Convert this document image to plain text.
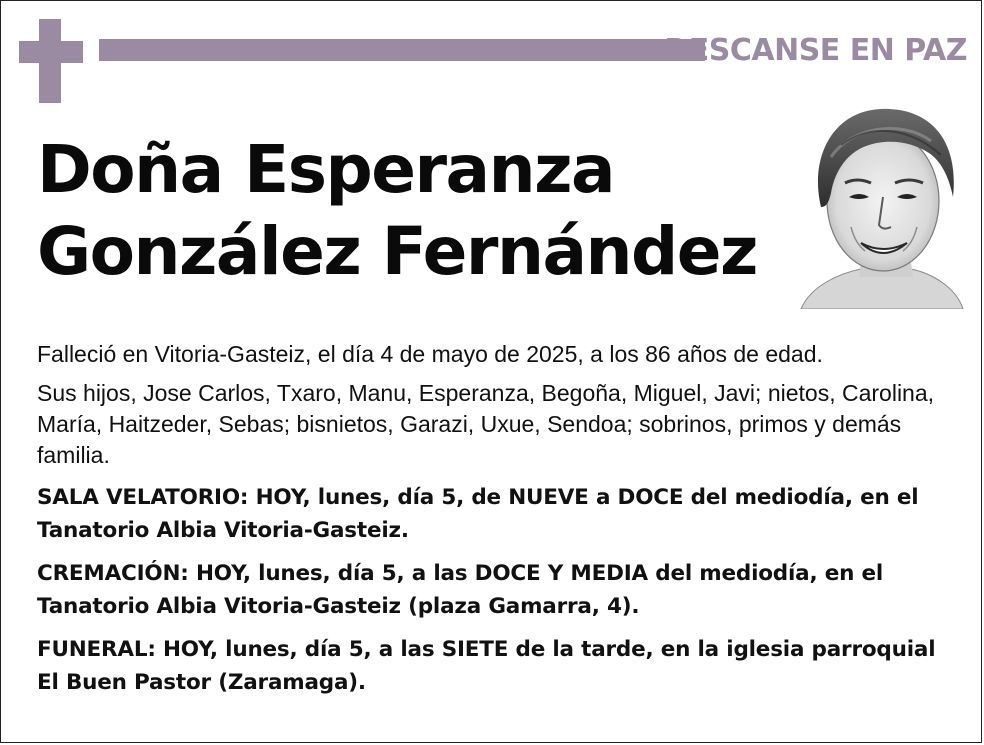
DESCANSE EN PAZ
Doña Esperanza
González Fernández

Falleció en Vitoria-Gasteiz, el día 4 de mayo de 2025, a los 86 años de edad.

Sus hijos, Jose Carlos, Txaro, Manu, Esperanza, Begoña, Miguel, Javi; nietos, Carolina, María, Haitzeder, Sebas; bisnietos, Garazi, Uxue, Sendoa; sobrinos, primos y demás familia.

SALA VELATORIO: HOY, lunes, día 5, de NUEVE a DOCE del mediodía, en el Tanatorio Albia Vitoria-Gasteiz.

CREMACIÓN: HOY, lunes, día 5, a las DOCE Y MEDIA del mediodía, en el Tanatorio Albia Vitoria-Gasteiz (plaza Gamarra, 4).

FUNERAL: HOY, lunes, día 5, a las SIETE de la tarde, en la iglesia parroquial El Buen Pastor (Zaramaga).
